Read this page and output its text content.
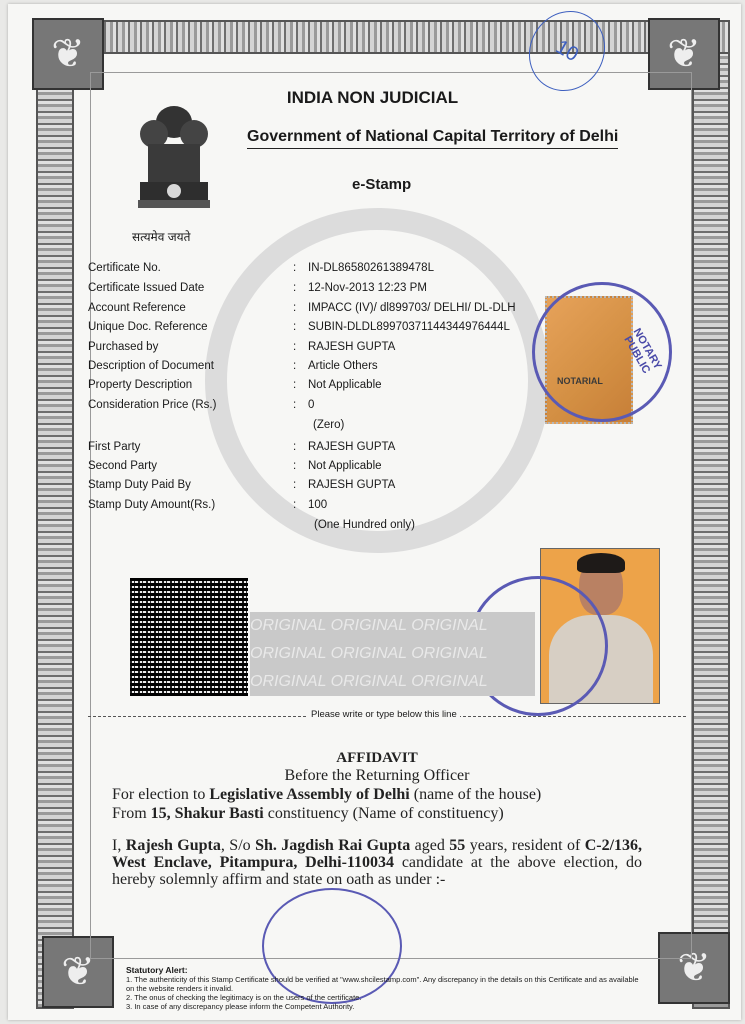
❦	❦
❦
❦
10
सत्यमेव जयते
INDIA NON JUDICIAL
Government of National Capital Territory of Delhi
e-Stamp
Certificate No.	: IN-DL86580261389478L
Certificate Issued Date	: 12-Nov-2013 12:23 PM
Account Reference	: IMPACC (IV)/ dl899703/ DELHI/ DL-DLH
Unique Doc. Reference	: SUBIN-DLDL89970371144344976444L
Purchased by	: RAJESH GUPTA
Description of Document	: Article Others
Property Description	: Not Applicable
Consideration Price (Rs.)	: 0
(Zero)
First Party	: RAJESH GUPTA
Second Party	: Not Applicable
Stamp Duty Paid By	: RAJESH GUPTA
Stamp Duty Amount(Rs.)	: 100
(One Hundred only)
NOTARIAL
NOTARY PUBLIC
ORIGINAL ORIGINAL ORIGINAL
ORIGINAL ORIGINAL ORIGINAL
ORIGINAL ORIGINAL ORIGINAL
Please write or type below this line
AFFIDAVIT
Before the Returning Officer
For election to Legislative Assembly of Delhi (name of the house)
From 15, Shakur Basti constituency (Name of constituency)
I, Rajesh Gupta, S/o Sh. Jagdish Rai Gupta aged 55 years, resident of C-2/136, West Enclave, Pitampura, Delhi-110034 candidate at the above election, do hereby solemnly affirm and state on oath as under :-
Statutory Alert:
1. The authenticity of this Stamp Certificate should be verified at "www.shcilestamp.com". Any discrepancy in the details on this Certificate and as available on the website renders it invalid.
2. The onus of checking the legitimacy is on the users of the certificate.
3. In case of any discrepancy please inform the Competent Authority.
